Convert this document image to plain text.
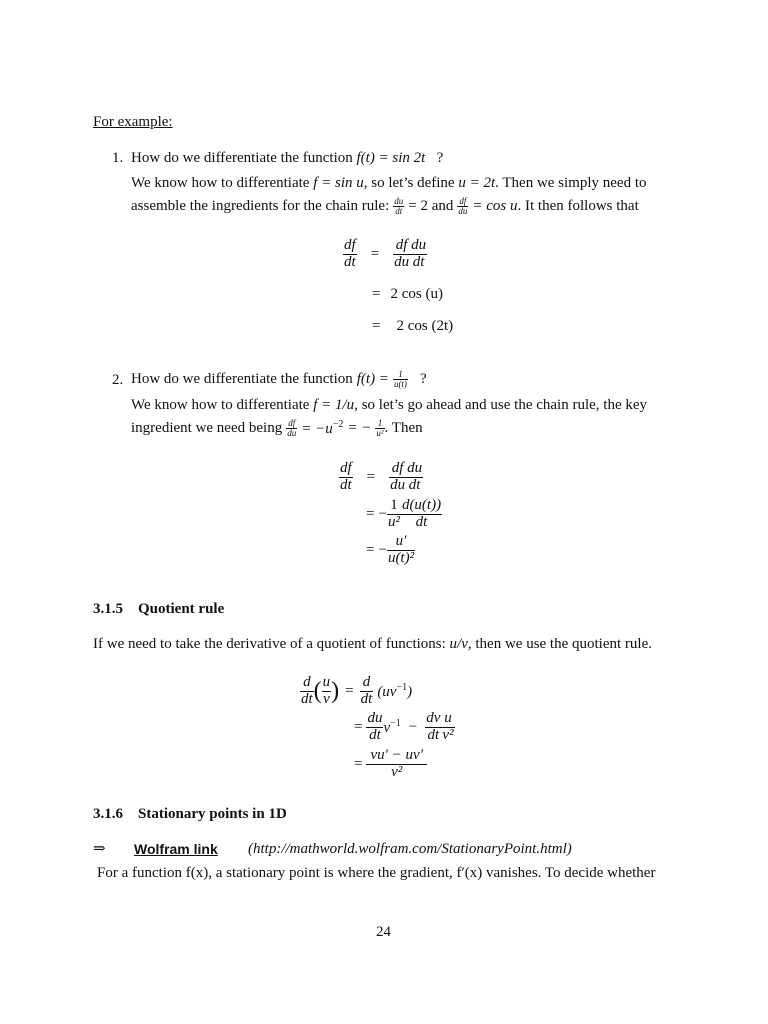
For example:
1. How do we differentiate the function f(t) = sin 2t ?
We know how to differentiate f = sin u, so let’s define u = 2t. Then we simply need to
assemble the ingredients for the chain rule: $\frac{du}{dt} = 2$ and $\frac{df}{du} = \cos u$ . It then follows that
$\frac{df}{dt} = \frac{df}{du} \frac{du}{dt}$
= 2 cos (u)
= 2 cos (2t)
2. How do we differentiate the function $f(t) = \frac{1}{u(t)}$ ?
We know how to differentiate f = 1/u, so let’s go ahead and use the chain rule, the key
ingredient we need being $\frac{df}{du} = -u^{-2}$ = − $\frac{1}{\text{u²}}$ . Then
$\frac{df}{dt} = \frac{df}{du} \frac{du}{dt}$
= − $\frac{1}{\text{u²}} \frac{d(u(t))}{dt}$
= − $\frac{u'}{\text{u(t)²}}$
3.1.5 Quotient rule
If we need to take the derivative of a quotient of functions: u/v, then we use the quotient rule.
$\frac{d}{dt}$ ( $\frac{u}{v}$ ) = $\frac{d}{dt} (uv^{-1})$
= $\frac{du}{dt} v^{-1} - \frac{dv}{dt} \frac{u}{\text{v²}}$
= $\frac{vu' - uv'}{\text{v²}}$
3.1.6 Stationary points in 1D
⇒ Wolfram link (http://mathworld.wolfram.com/StationaryPoint.html)
For a function f(x), a stationary point is where the gradient, f′(x) vanishes. To decide whether
24
